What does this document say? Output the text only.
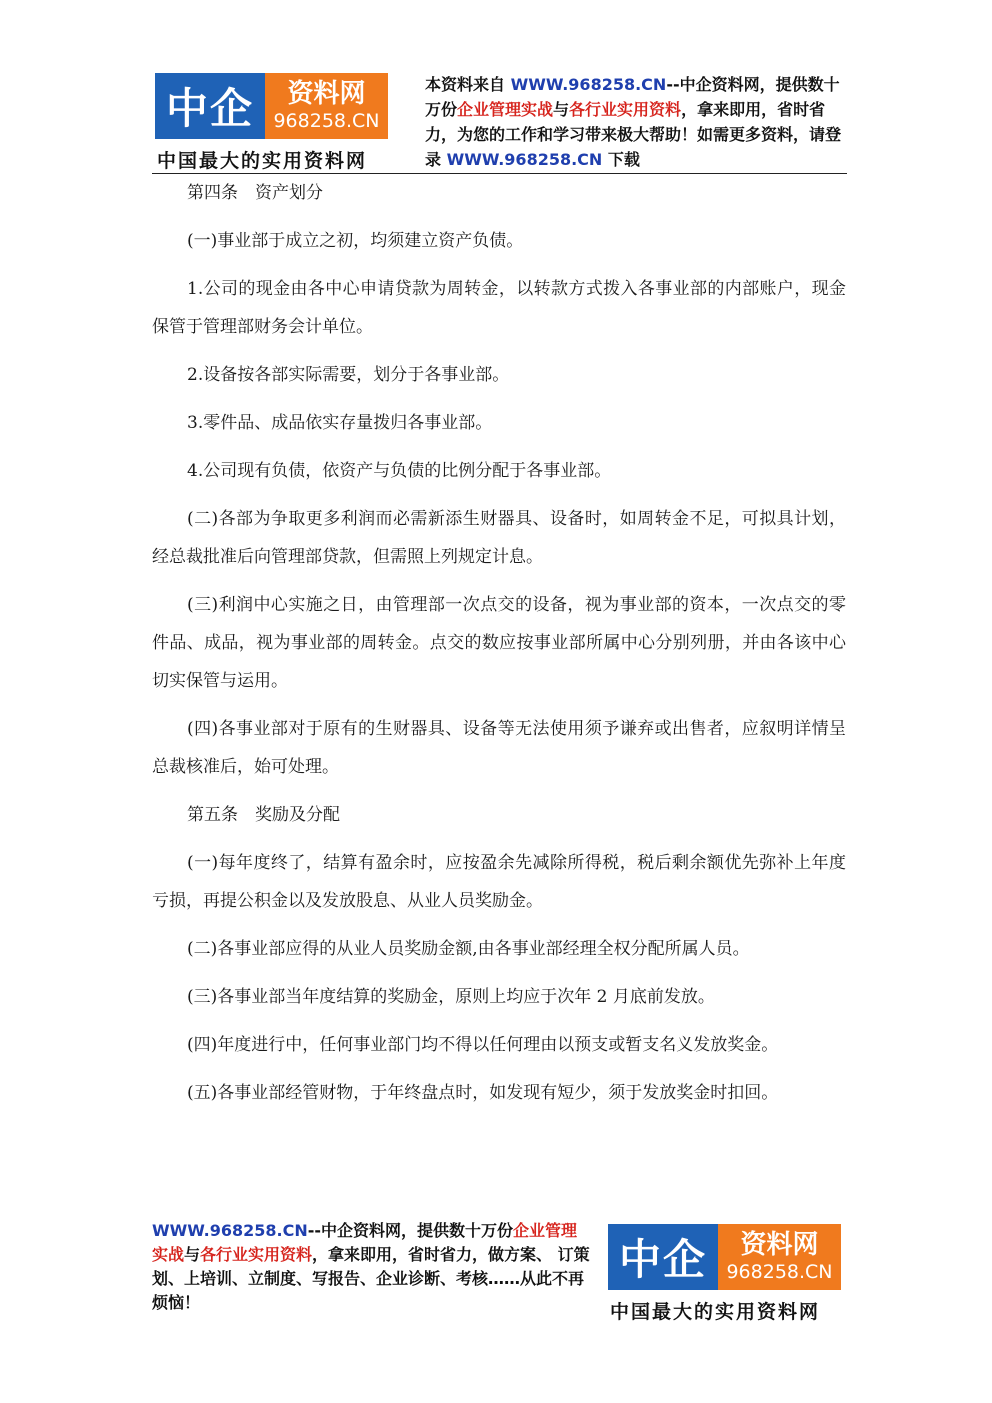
中企	资料网
968258.CN
中国最大的实用资料网
本资料来自 WWW.968258.CN--中企资料网，提供数十万份企业管理实战与各行业实用资料，拿来即用，省时省力，为您的工作和学习带来极大帮助！如需更多资料，请登录 WWW.968258.CN 下载

第四条　资产划分

(一)事业部于成立之初，均须建立资产负债。

1.公司的现金由各中心申请贷款为周转金，以转款方式拨入各事业部的内部账户，现金保管于管理部财务会计单位。

2.设备按各部实际需要，划分于各事业部。

3.零件品、成品依实存量拨归各事业部。

4.公司现有负债，依资产与负债的比例分配于各事业部。

(二)各部为争取更多利润而必需新添生财器具、设备时，如周转金不足，可拟具计划，经总裁批准后向管理部贷款，但需照上列规定计息。

(三)利润中心实施之日，由管理部一次点交的设备，视为事业部的资本，一次点交的零件品、成品，视为事业部的周转金。点交的数应按事业部所属中心分别列册，并由各该中心切实保管与运用。

(四)各事业部对于原有的生财器具、设备等无法使用须予谦弃或出售者，应叙明详情呈总裁核准后，始可处理。

第五条　奖励及分配

(一)每年度终了，结算有盈余时，应按盈余先减除所得税，税后剩余额优先弥补上年度亏损，再提公积金以及发放股息、从业人员奖励金。

(二)各事业部应得的从业人员奖励金额,由各事业部经理全权分配所属人员。

(三)各事业部当年度结算的奖励金，原则上均应于次年 2 月底前发放。

(四)年度进行中，任何事业部门均不得以任何理由以预支或暂支名义发放奖金。

(五)各事业部经管财物，于年终盘点时，如发现有短少，须于发放奖金时扣回。

WWW.968258.CN--中企资料网，提供数十万份企业管理实战与各行业实用资料，拿来即用，省时省力，做方案、 订策划、上培训、立制度、写报告、企业诊断、考核……从此不再烦恼！
中企	资料网
968258.CN
中国最大的实用资料网
